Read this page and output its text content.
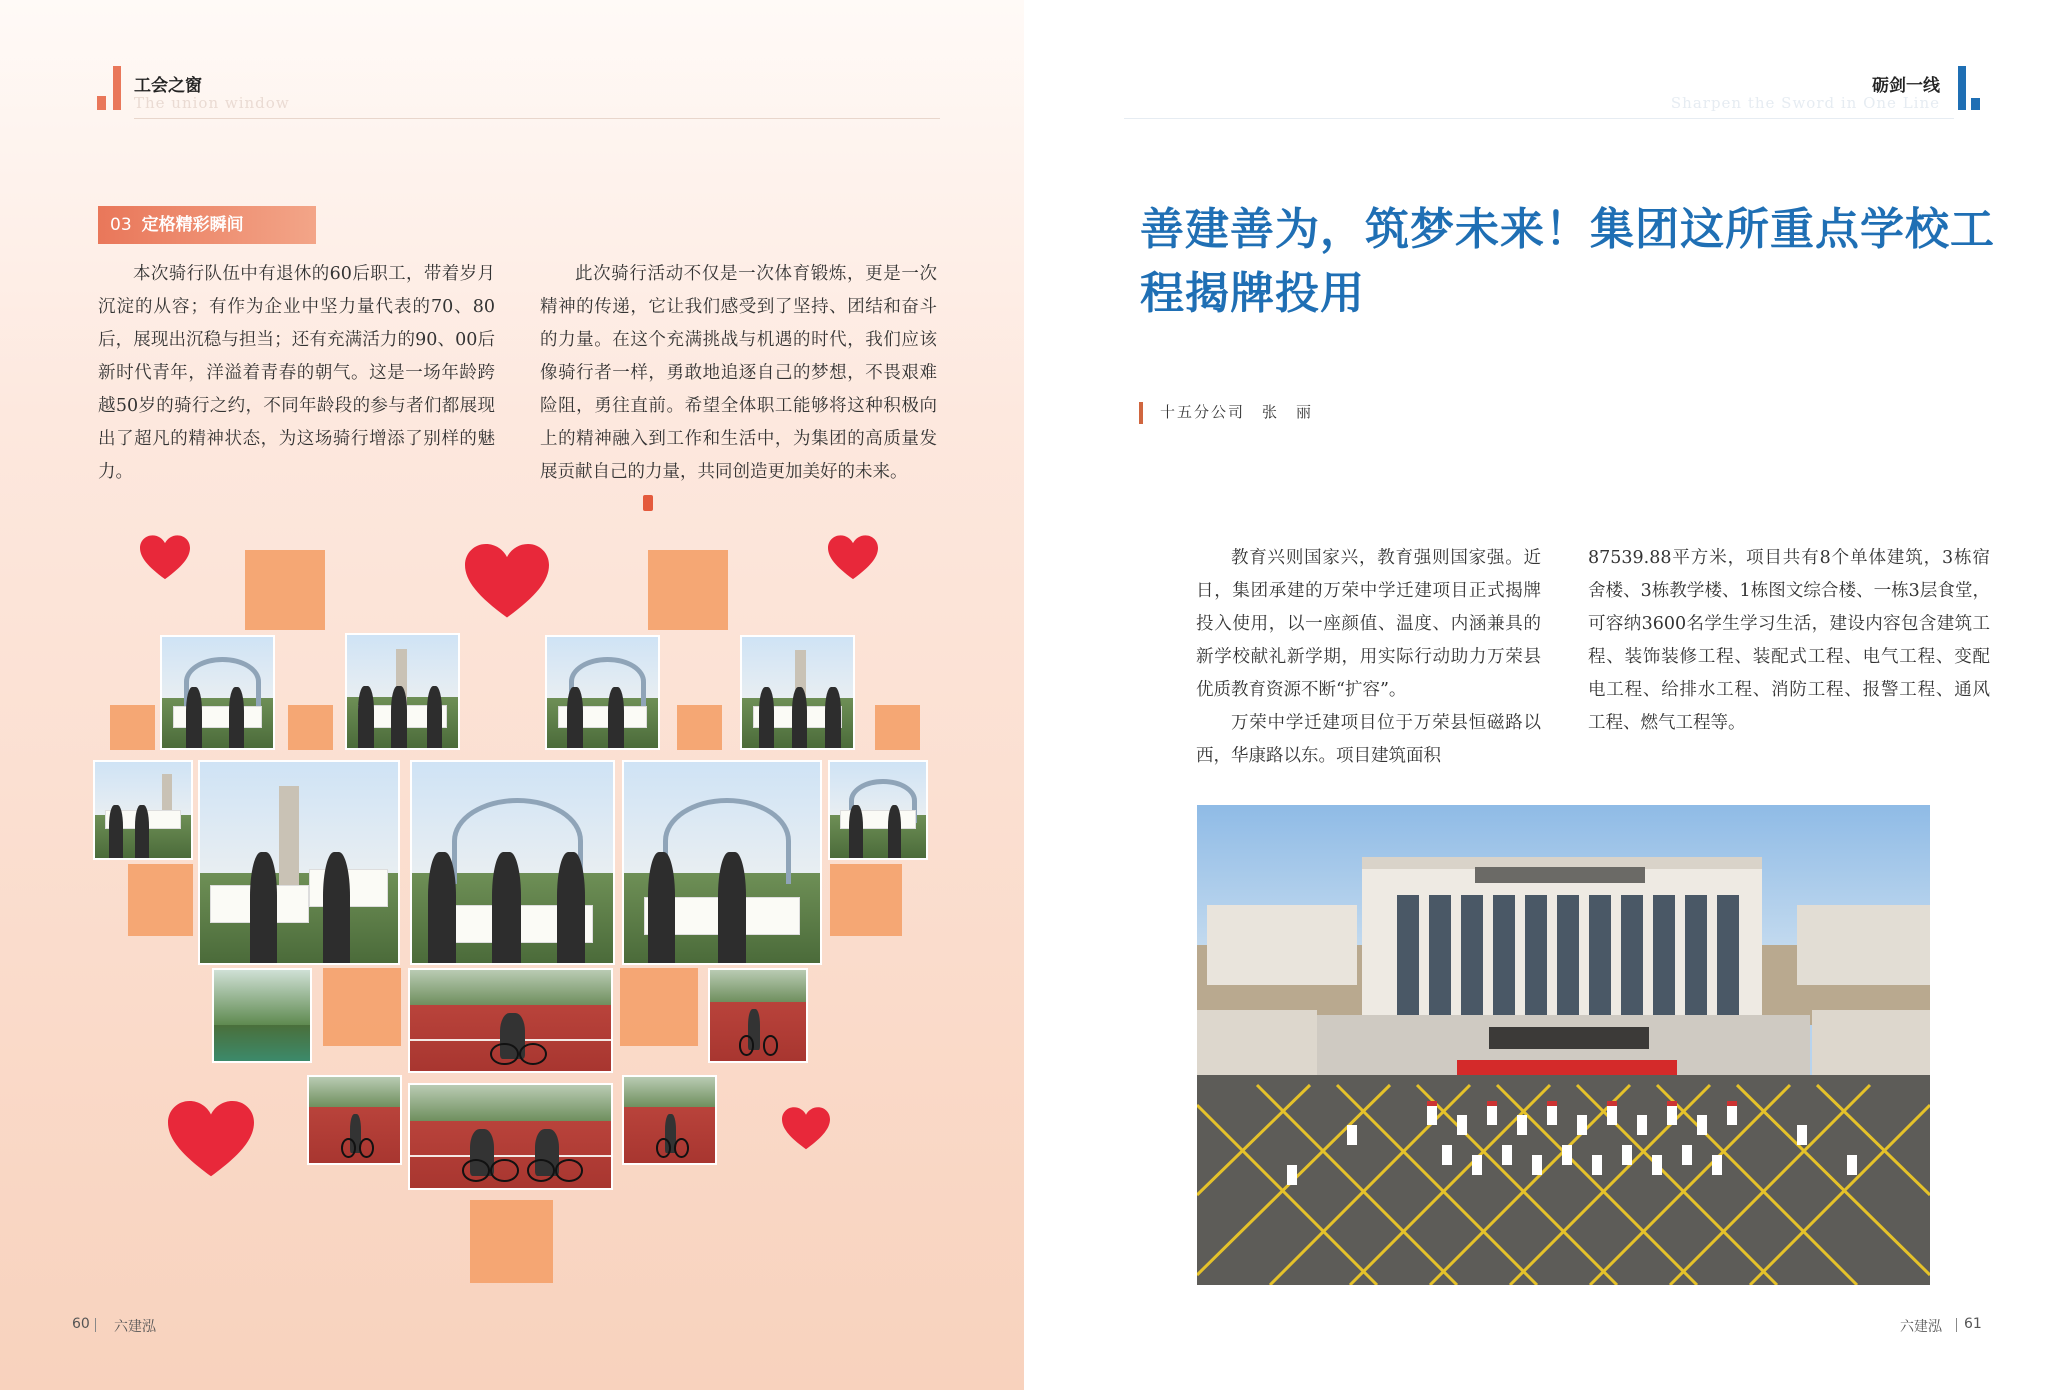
工会之窗
The union window
03 定格精彩瞬间

本次骑行队伍中有退休的60后职工，带着岁月沉淀的从容；有作为企业中坚力量代表的70、80后，展现出沉稳与担当；还有充满活力的90、00后新时代青年，洋溢着青春的朝气。这是一场年龄跨越50岁的骑行之约，不同年龄段的参与者们都展现出了超凡的精神状态，为这场骑行增添了别样的魅力。

此次骑行活动不仅是一次体育锻炼，更是一次精神的传递，它让我们感受到了坚持、团结和奋斗的力量。在这个充满挑战与机遇的时代，我们应该像骑行者一样，勇敢地追逐自己的梦想，不畏艰难险阻，勇往直前。希望全体职工能够将这种积极向上的精神融入到工作和生活中，为集团的高质量发展贡献自己的力量，共同创造更加美好的未来。

60 六建泓
砺剑一线
Sharpen the Sword in One Line
善建善为，筑梦未来！集团这所重点学校工程揭牌投用
十五分公司　张　丽

教育兴则国家兴，教育强则国家强。近日，集团承建的万荣中学迁建项目正式揭牌投入使用，以一座颜值、温度、内涵兼具的新学校献礼新学期，用实际行动助力万荣县优质教育资源不断“扩容”。

万荣中学迁建项目位于万荣县恒磁路以西，华康路以东。项目建筑面积

87539.88平方米，项目共有8个单体建筑，3栋宿舍楼、3栋教学楼、1栋图文综合楼、一栋3层食堂，可容纳3600名学生学习生活，建设内容包含建筑工程、装饰装修工程、装配式工程、电气工程、变配电工程、给排水工程、消防工程、报警工程、通风工程、燃气工程等。

六建泓 61
